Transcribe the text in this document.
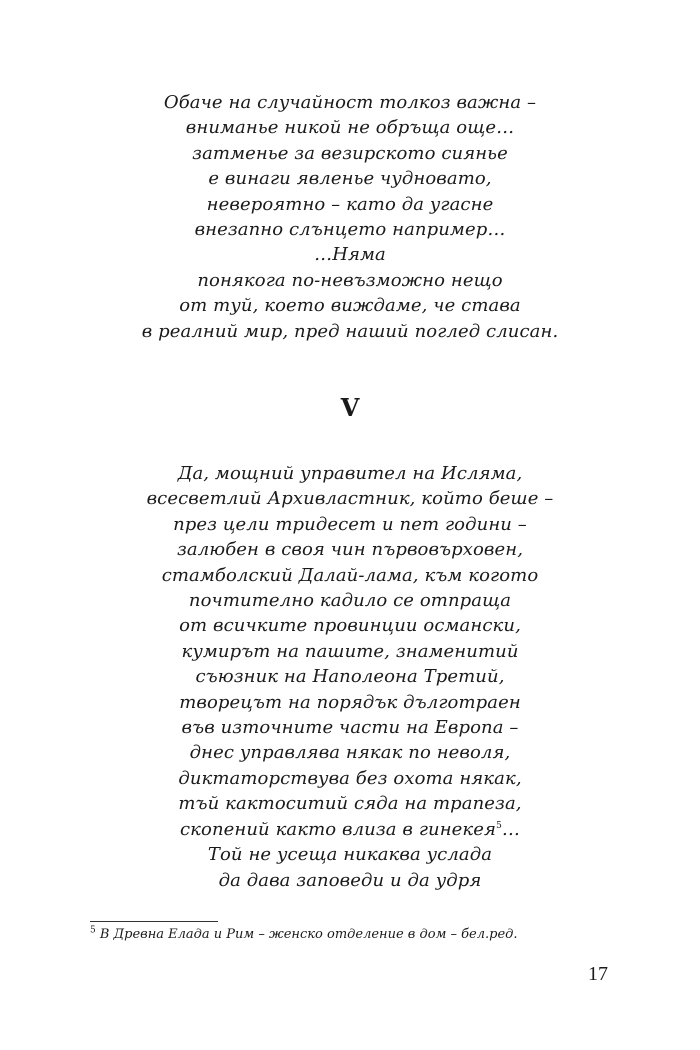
Обаче на случайност толкоз важна –
вниманье никой не обръща още…
затменье за везирското сиянье
е винаги явленье чудновато,
невероятно – като да угасне
внезапно слънцето например…
…Няма
понякога по-невъзможно нещо
от туй, което виждаме, че става
в реалний мир, пред наший поглед слисан.
V
Да, мощний управител на Исляма,
всесветлий Архивластник, който беше –
през цели тридесет и пет години –
залюбен в своя чин първовърховен,
стамболский Далай-лама, към когото
почтително кадило се отпраща
от всичките провинции османски,
кумирът на пашите, знаменитий
съюзник на Наполеона Третий,
творецът на порядък дълготраен
във източните части на Европа –
днес управлява някак по неволя,
диктаторствува без охота някак,
тъй кактоситий сяда на трапеза,
скопений както влиза в гинекея$^5$…
Той не усеща никаква услада
да дава заповеди и да удря
$^5$ В Древна Елада и Рим – женско отделение в дом – бел.ред.
17
